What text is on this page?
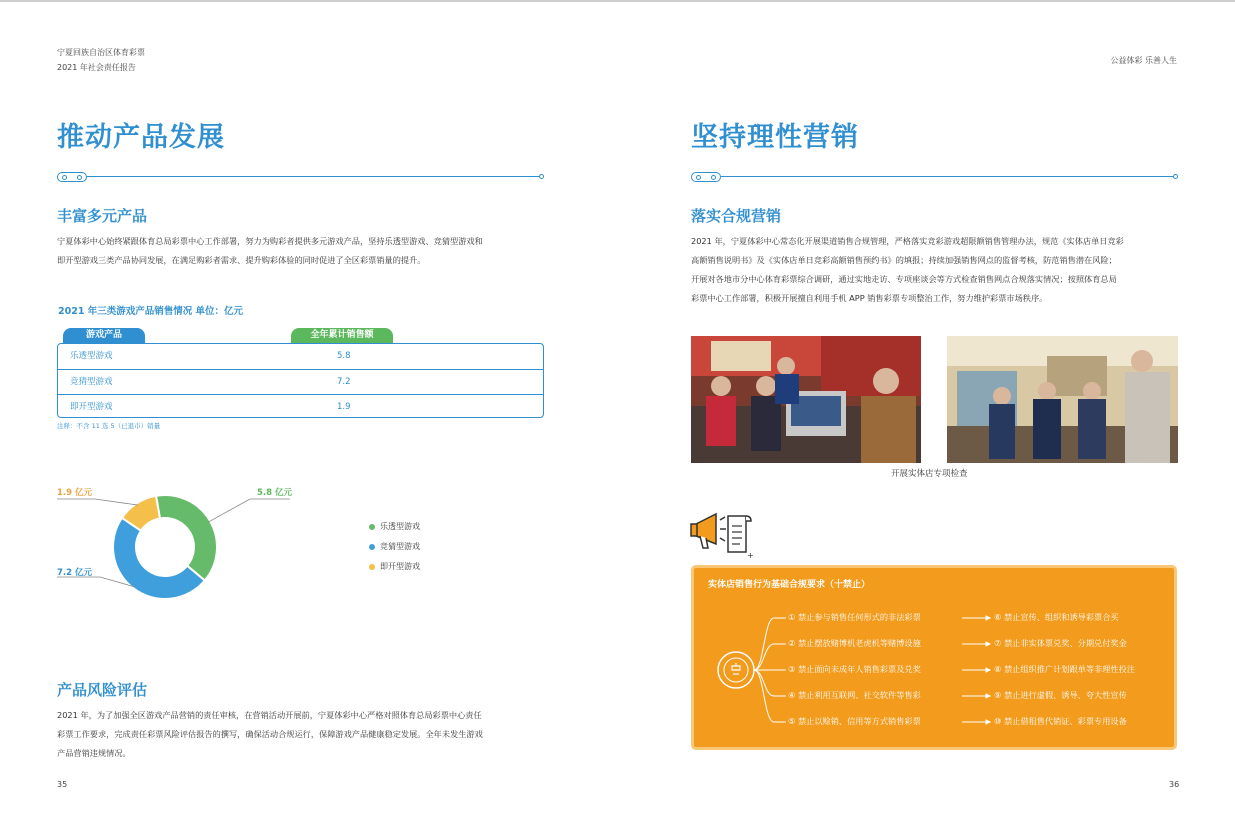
宁夏回族自治区体育彩票
2021 年社会责任报告
推动产品发展
丰富多元产品
宁夏体彩中心始终紧跟体育总局彩票中心工作部署，努力为购彩者提供多元游戏产品，坚持乐透型游戏、竞猜型游戏和
即开型游戏三类产品协同发展，在满足购彩者需求、提升购彩体验的同时促进了全区彩票销量的提升。
2021 年三类游戏产品销售情况 单位：亿元
游戏产品	全年累计销售额
乐透型游戏	5.8
竞猜型游戏	7.2
即开型游戏	1.9
注释：不含 11 选 5（已退市）销量
1.9 亿元	5.8 亿元
7.2 亿元
乐透型游戏
竞猜型游戏
即开型游戏
产品风险评估
2021 年，为了加强全区游戏产品营销的责任审核，在营销活动开展前，宁夏体彩中心严格对照体育总局彩票中心责任
彩票工作要求，完成责任彩票风险评估报告的撰写，确保活动合规运行，保障游戏产品健康稳定发展。全年未发生游戏
产品营销违规情况。
35
公益体彩 乐善人生
坚持理性营销
落实合规营销
2021 年，宁夏体彩中心常态化开展渠道销售合规管理，严格落实竞彩游戏超限额销售管理办法，规范《实体店单日竞彩
高额销售说明书》及《实体店单日竞彩高额销售预约书》的填报；持续加强销售网点的监督考核，防范销售潜在风险；
开展对各地市分中心体育彩票综合调研，通过实地走访、专项座谈会等方式检查销售网点合规落实情况；按照体育总局
彩票中心工作部署，积极开展擅自利用手机 APP 销售彩票专项整治工作，努力维护彩票市场秩序。
开展实体店专项检查
+
实体店销售行为基础合规要求（十禁止）
① 禁止参与销售任何形式的非法彩票
② 禁止摆放赌博机老虎机等赌博设施
③ 禁止面向未成年人销售彩票及兑奖
④ 禁止利用互联网、社交软件等售彩
⑤ 禁止以赊销、信用等方式销售彩票
⑥ 禁止宣传、组织和诱导彩票合买
⑦ 禁止非实体票兑奖、分期兑付奖金
⑧ 禁止组织推广计划跟单等非理性投注
⑨ 禁止进行虚假、诱导、夸大性宣传
⑩ 禁止借租售代销证、彩票专用设备
36
